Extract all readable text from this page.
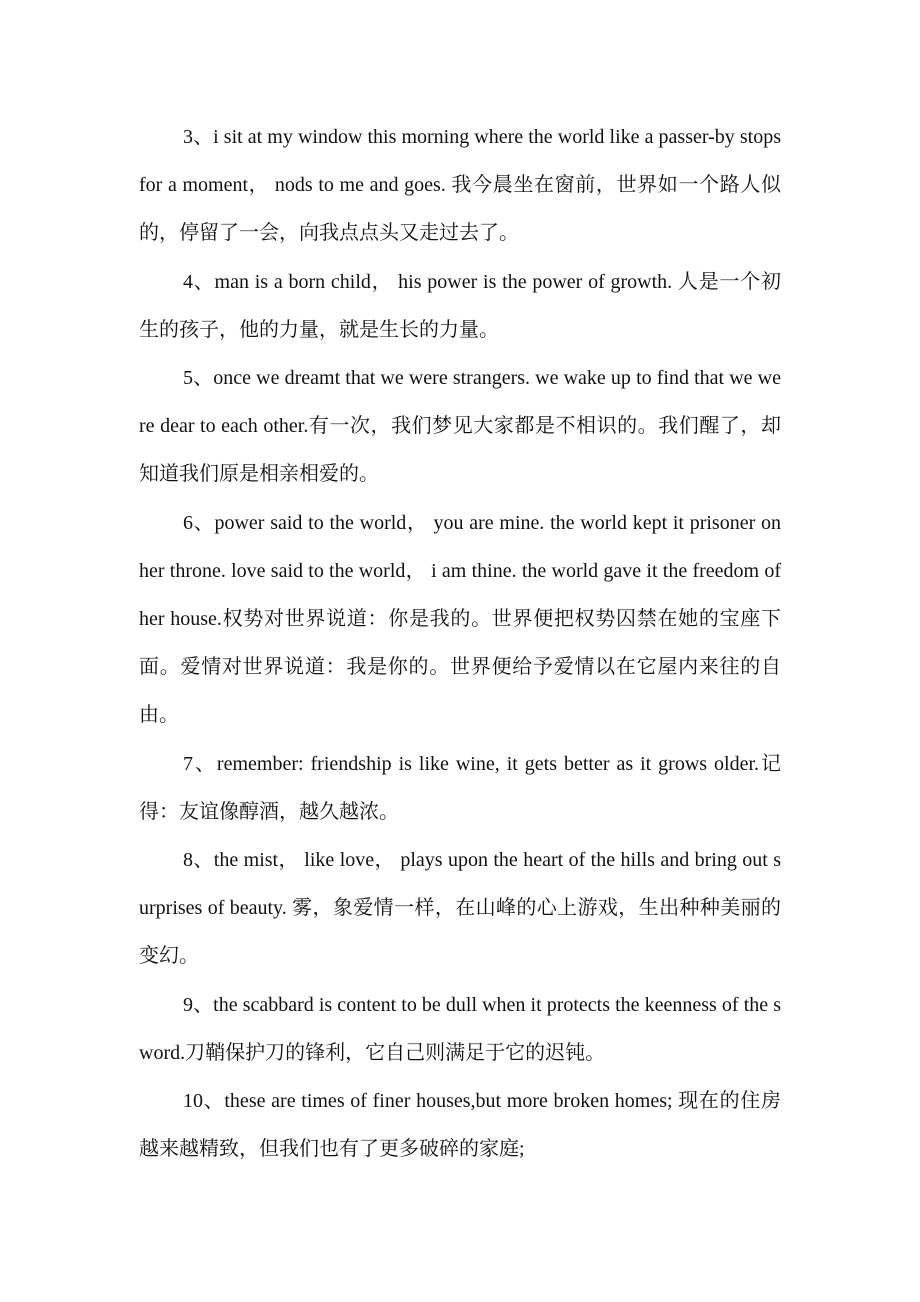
3、i sit at my window this morning where the world like a passer-by stops for a moment， nods to me and goes. 我今晨坐在窗前，世界如一个路人似的，停留了一会，向我点点头又走过去了。

4、man is a born child， his power is the power of growth. 人是一个初生的孩子，他的力量，就是生长的力量。

5、once we dreamt that we were strangers. we wake up to find that we were dear to each other.有一次，我们梦见大家都是不相识的。我们醒了，却知道我们原是相亲相爱的。

6、power said to the world， you are mine. the world kept it prisoner on her throne. love said to the world， i am thine. the world gave it the freedom of her house.权势对世界说道：你是我的。世界便把权势囚禁在她的宝座下面。爱情对世界说道：我是你的。世界便给予爱情以在它屋内来往的自由。

7、remember: friendship is like wine, it gets better as it grows older.记得：友谊像醇酒，越久越浓。

8、the mist， like love， plays upon the heart of the hills and bring out surprises of beauty. 雾，象爱情一样，在山峰的心上游戏，生出种种美丽的变幻。

9、the scabbard is content to be dull when it protects the keenness of the sword.刀鞘保护刀的锋利，它自己则满足于它的迟钝。

10、these are times of finer houses,but more broken homes; 现在的住房越来越精致，但我们也有了更多破碎的家庭;
